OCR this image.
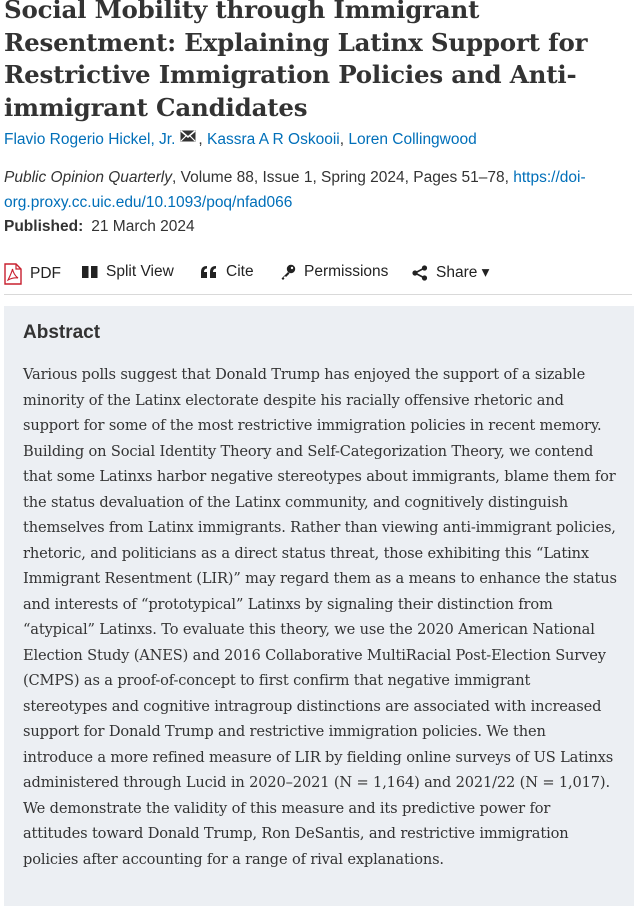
Social Mobility through Immigrant Resentment: Explaining Latinx Support for Restrictive Immigration Policies and Anti-immigrant Candidates
Flavio Rogerio Hickel, Jr. , Kassra A R Oskooii, Loren Collingwood
Public Opinion Quarterly, Volume 88, Issue 1, Spring 2024, Pages 51–78, https://doi-org.proxy.cc.uic.edu/10.1093/poq/nfad066
Published: 21 March 2024
PDF	Split View	Cite	Permissions	Share ▾
Abstract

Various polls suggest that Donald Trump has enjoyed the support of a sizable minority of the Latinx electorate despite his racially offensive rhetoric and support for some of the most restrictive immigration policies in recent memory. Building on Social Identity Theory and Self-Categorization Theory, we contend that some Latinxs harbor negative stereotypes about immigrants, blame them for the status devaluation of the Latinx community, and cognitively distinguish themselves from Latinx immigrants. Rather than viewing anti-immigrant policies, rhetoric, and politicians as a direct status threat, those exhibiting this “Latinx Immigrant Resentment (LIR)” may regard them as a means to enhance the status and interests of “prototypical” Latinxs by signaling their distinction from “atypical” Latinxs. To evaluate this theory, we use the 2020 American National Election Study (ANES) and 2016 Collaborative MultiRacial Post-Election Survey (CMPS) as a proof-of-concept to first confirm that negative immigrant stereotypes and cognitive intragroup distinctions are associated with increased support for Donald Trump and restrictive immigration policies. We then introduce a more refined measure of LIR by fielding online surveys of US Latinxs administered through Lucid in 2020–2021 (N = 1,164) and 2021/22 (N = 1,017). We demonstrate the validity of this measure and its predictive power for attitudes toward Donald Trump, Ron DeSantis, and restrictive immigration policies after accounting for a range of rival explanations.
